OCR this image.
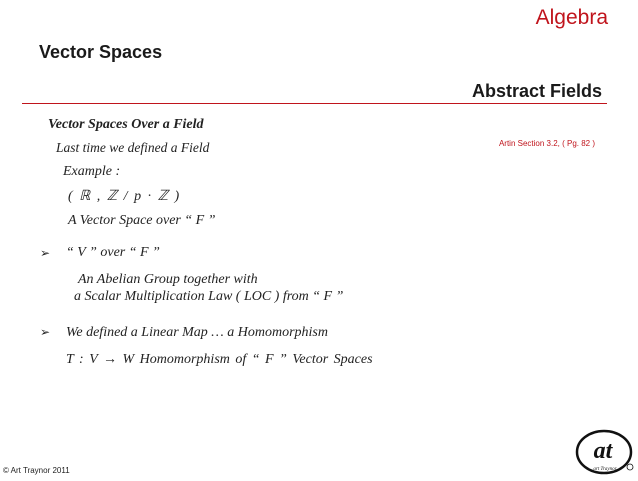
Algebra
Vector Spaces
Abstract Fields
Artin Section 3.2, ( Pg. 82 )
Vector Spaces Over a Field
Last time we defined a Field
Example :
( ℝ , ℤ / p · ℤ )
A Vector Space over “ F ”
➢ “ V ” over “ F ”
An Abelian Group together with
a Scalar Multiplication Law ( LOC ) from “ F ”
➢ We defined a Linear Map … a Homomorphism
T : V → W Homomorphism of “ F ” Vector Spaces
© Art Traynor 2011
at
art Traynor
